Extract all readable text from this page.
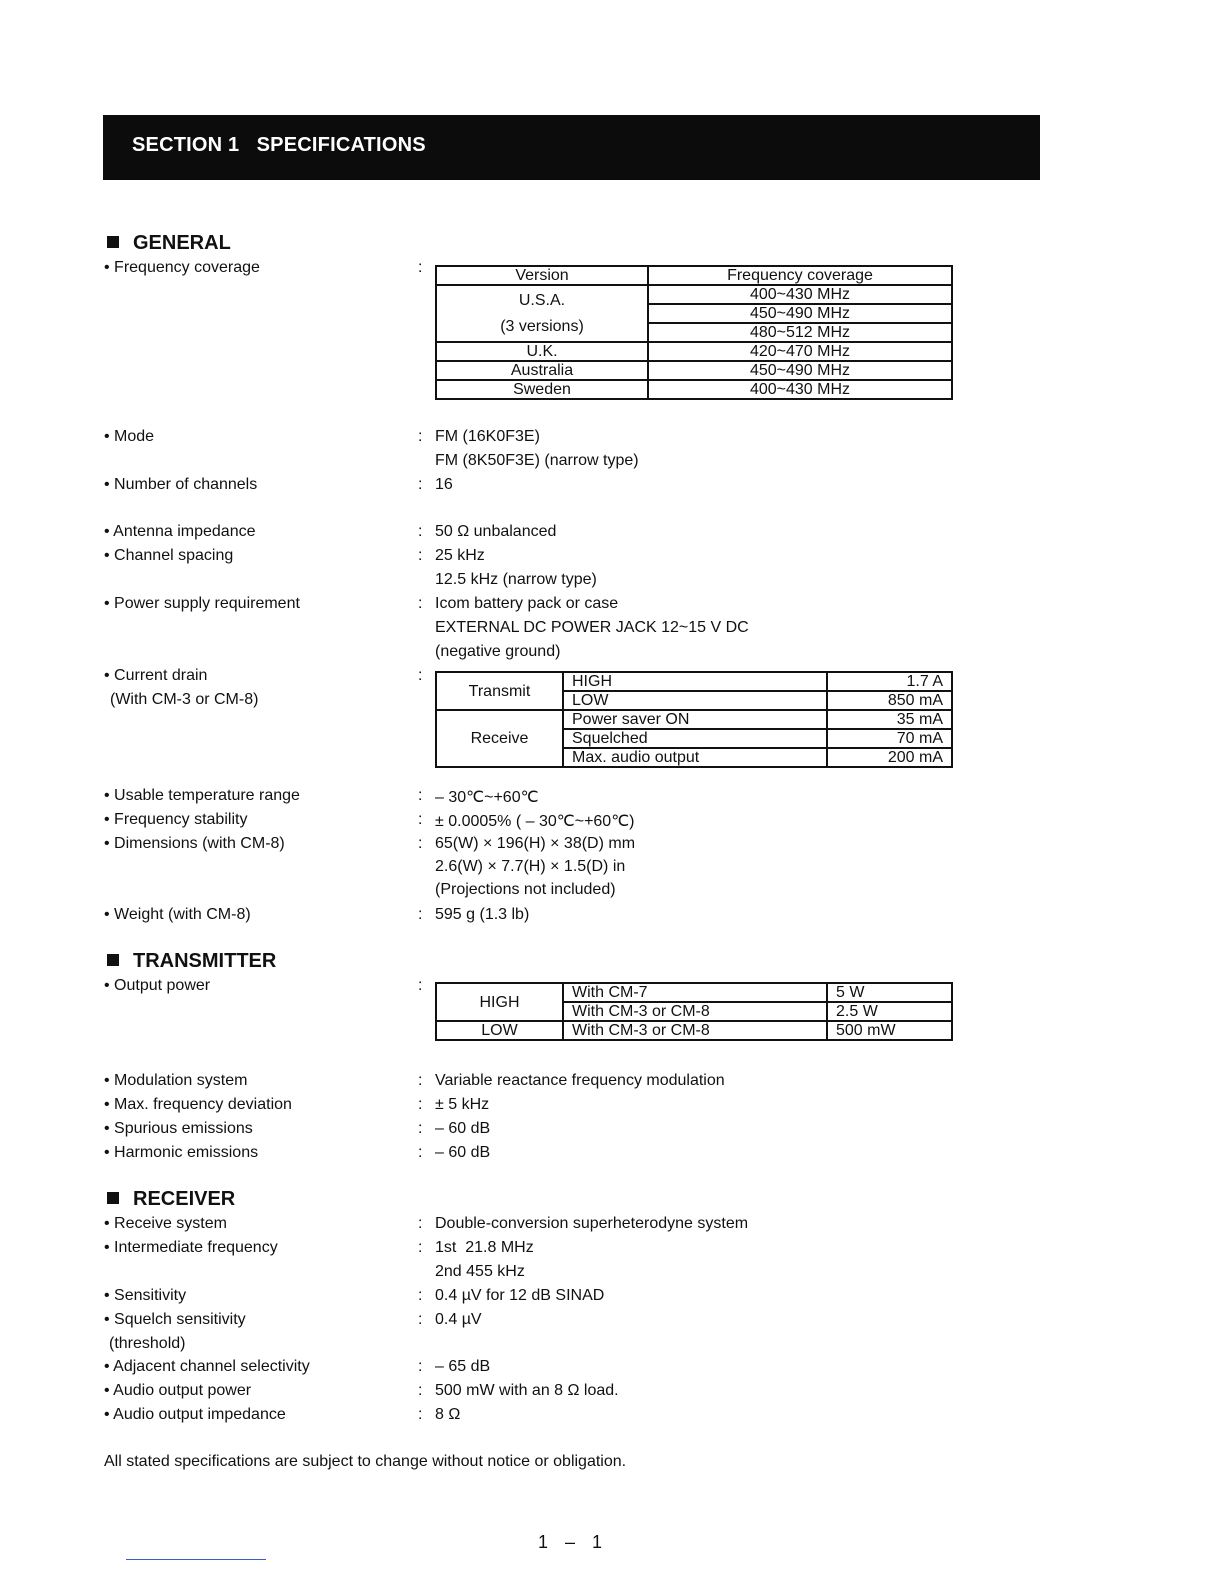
SECTION 1   SPECIFICATIONS
GENERAL
• Frequency coverage	:	Version	Frequency coverage

U.S.A.
(3 versions)	400~430 MHz
	450~490 MHz
	480~512 MHz
U.K.	420~470 MHz
Australia	450~490 MHz
Sweden	400~430 MHz
• Mode	: FM (16K0F3E)
FM (8K50F3E) (narrow type)
• Number of channels	: 16
• Antenna impedance	: 50 Ω unbalanced
• Channel spacing	: 25 kHz
12.5 kHz (narrow type)
• Power supply requirement	: Icom battery pack or case
EXTERNAL DC POWER JACK 12~15 V DC
(negative ground)
• Current drain
(With CM-3 or CM-8)
:
Transmit	HIGH	1.7 A
	LOW	850 mA
Receive	Power saver ON	35 mA
	Squelched	70 mA
	Max. audio output	200 mA
• Usable temperature range	: – 30℃~+60℃
• Frequency stability	: ± 0.0005% ( – 30℃~+60℃)
• Dimensions (with CM-8)	: 65(W) × 196(H) × 38(D) mm
2.6(W) × 7.7(H) × 1.5(D) in
(Projections not included)
• Weight (with CM-8)	: 595 g (1.3 lb)
TRANSMITTER
• Output power	:
HIGH	With CM-7	5 W
	With CM-3 or CM-8	2.5 W
LOW	With CM-3 or CM-8	500 mW
• Modulation system	: Variable reactance frequency modulation
• Max. frequency deviation	: ± 5 kHz
• Spurious emissions	: – 60 dB
• Harmonic emissions	: – 60 dB
RECEIVER
• Receive system	: Double-conversion superheterodyne system
• Intermediate frequency	: 1st  21.8 MHz
2nd 455 kHz
• Sensitivity	: 0.4 µV for 12 dB SINAD
• Squelch sensitivity
(threshold)
: 0.4 µV
• Adjacent channel selectivity	: – 65 dB
• Audio output power	: 500 mW with an 8 Ω load.
• Audio output impedance	: 8 Ω
All stated specifications are subject to change without notice or obligation.
1 – 1
